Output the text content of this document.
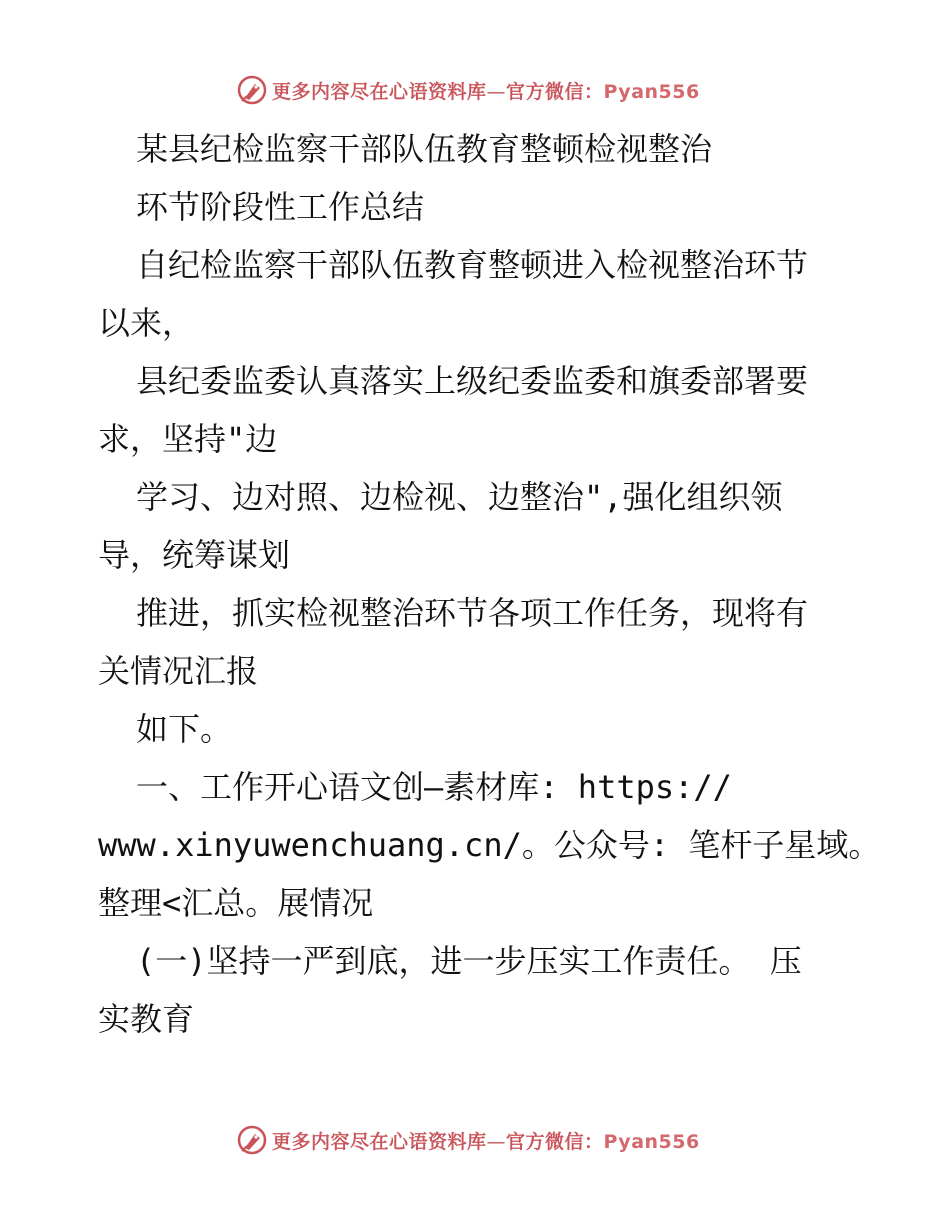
更多内容尽在心语资料库—官方微信：Pyan556

某县纪检监察干部队伍教育整顿检视整治

环节阶段性工作总结

自纪检监察干部队伍教育整顿进入检视整治环节

以来，

县纪委监委认真落实上级纪委监委和旗委部署要

求，坚持"边

学习、边对照、边检视、边整治",强化组织领

导，统筹谋划

推进，抓实检视整治环节各项工作任务，现将有

关情况汇报

如下。

一、工作开心语文创—素材库: https://

www.xinyuwenchuang.cn/。公众号: 笔杆子星域。

整理<汇总。展情况

(一)坚持一严到底，进一步压实工作责任。 压

实教育

更多内容尽在心语资料库—官方微信：Pyan556
